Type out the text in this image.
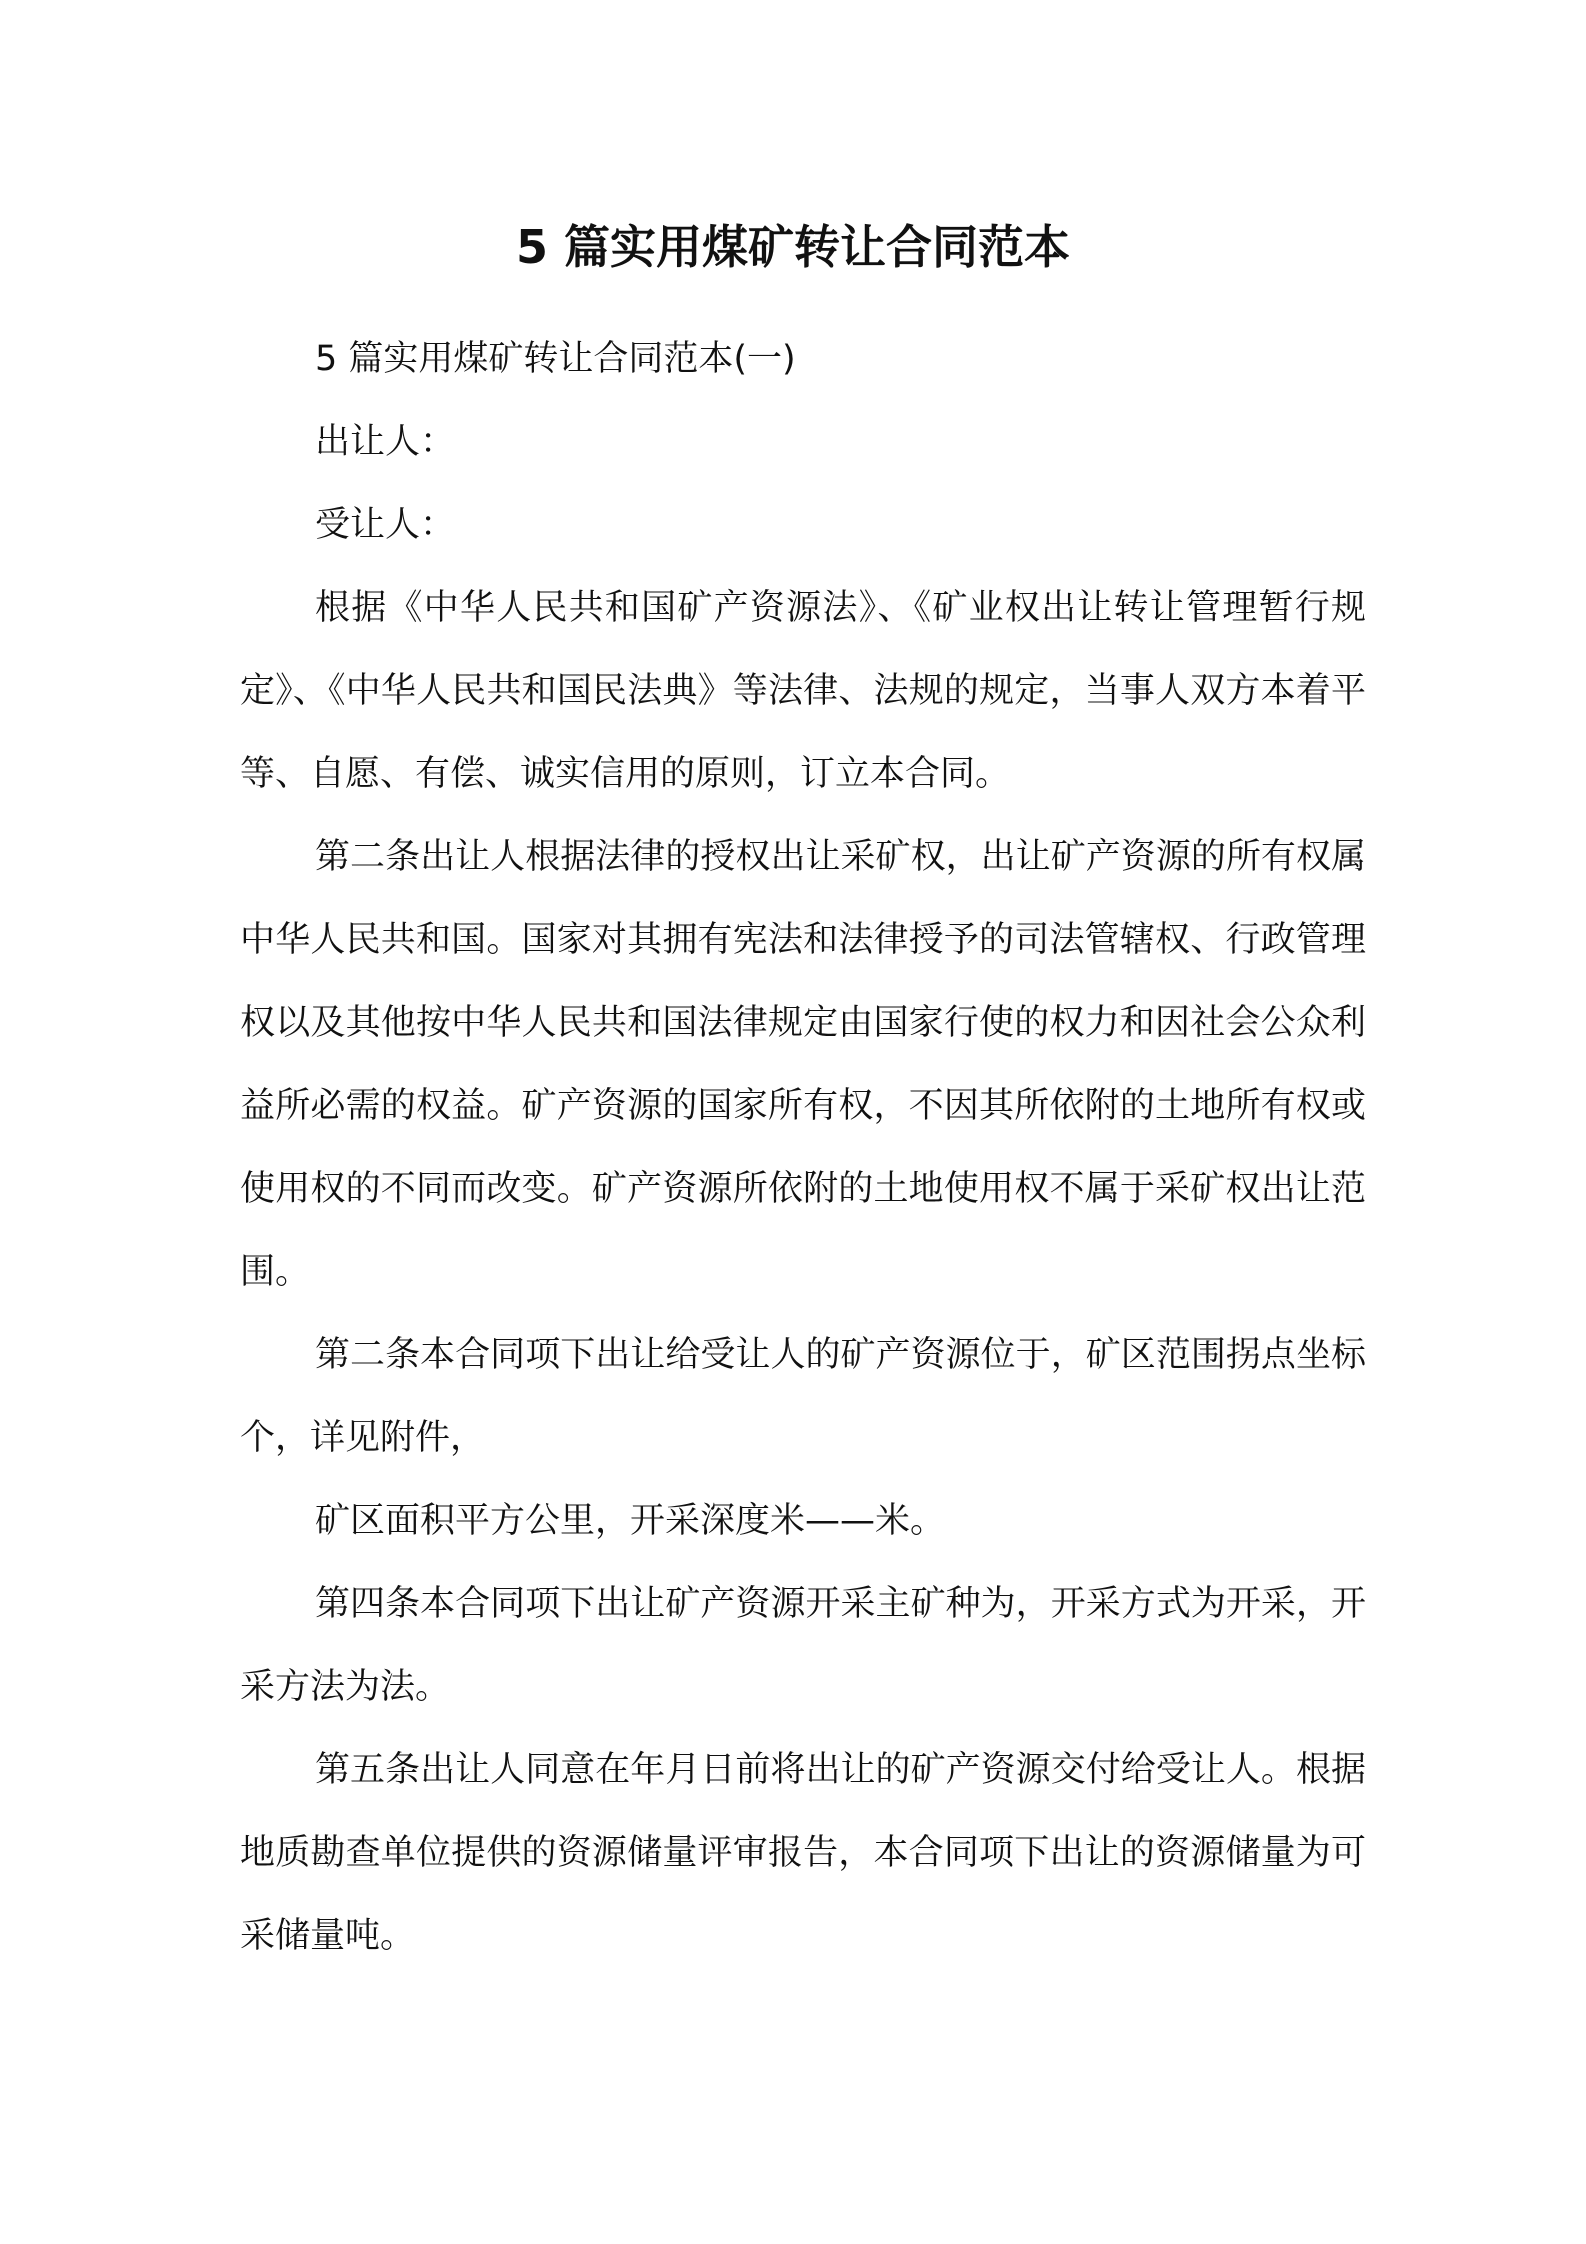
5 篇实用煤矿转让合同范本

5 篇实用煤矿转让合同范本(一)

出让人：

受让人：

根据《中华人民共和国矿产资源法》、《矿业权出让转让管理暂行规定》、《中华人民共和国民法典》等法律、法规的规定，当事人双方本着平等、自愿、有偿、诚实信用的原则，订立本合同。

第二条出让人根据法律的授权出让采矿权，出让矿产资源的所有权属中华人民共和国。国家对其拥有宪法和法律授予的司法管辖权、行政管理权以及其他按中华人民共和国法律规定由国家行使的权力和因社会公众利益所必需的权益。矿产资源的国家所有权，不因其所依附的土地所有权或使用权的不同而改变。矿产资源所依附的土地使用权不属于采矿权出让范围。

第二条本合同项下出让给受让人的矿产资源位于，矿区范围拐点坐标个，详见附件，

矿区面积平方公里，开采深度米——米。

第四条本合同项下出让矿产资源开采主矿种为，开采方式为开采，开采方法为法。

第五条出让人同意在年月日前将出让的矿产资源交付给受让人。根据地质勘查单位提供的资源储量评审报告，本合同项下出让的资源储量为可采储量吨。
